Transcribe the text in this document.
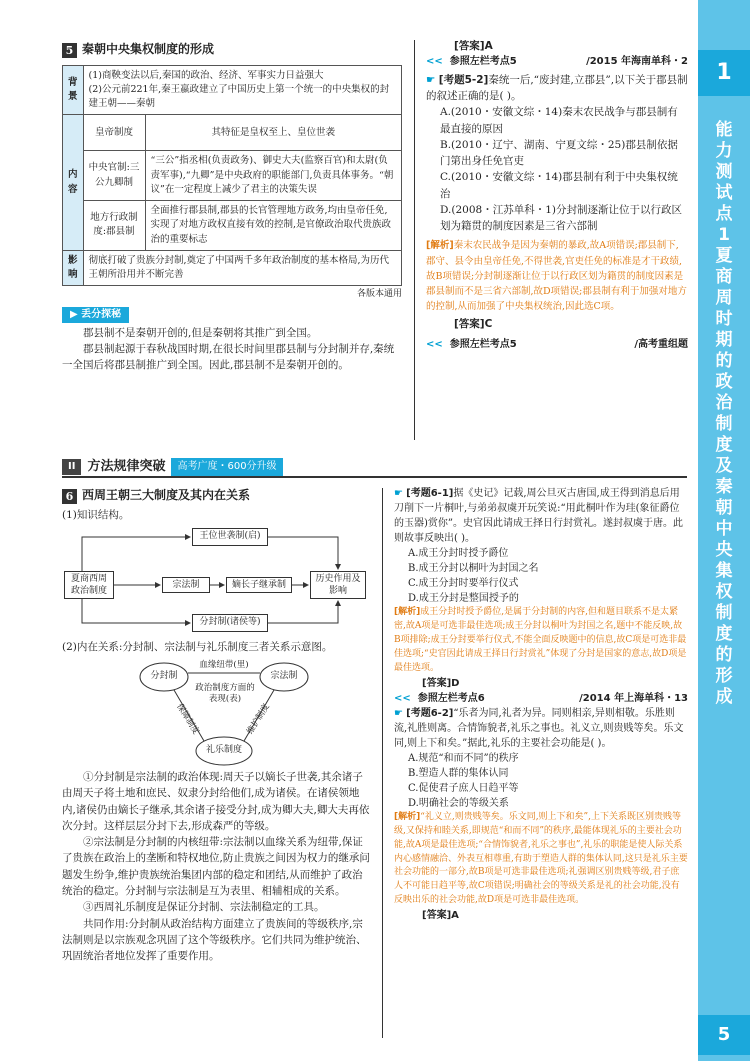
1
能力测试点1 夏商周时期的政治制度及秦朝中央集权制度的形成
5
5 秦朝中央集权制度的形成
背景	(1)商鞅变法以后,秦国的政治、经济、军事实力日益强大
(2)公元前221年,秦王嬴政建立了中国历史上第一个统一的中央集权的封建王朝——秦朝	

内容	皇帝制度	其特征是皇权至上、皇位世袭
	中央官制:三公九卿制	“三公”指丞相(负责政务)、御史大夫(监察百官)和太尉(负责军事),“九卿”是中央政府的职能部门,负责具体事务。“朝议”在一定程度上减少了君主的决策失误
	地方行政制度:郡县制	全面推行郡县制,郡县的长官管理地方政务,均由皇帝任免,实现了对地方政权直接有效的控制,是官僚政治取代贵族政治的重要标志
影响	彻底打破了贵族分封制,奠定了中国两千多年政治制度的基本格局,为历代王朝所沿用并不断完善	
各版本通用
▶ 丢分探秘
郡县制不是秦朝开创的,但是秦朝将其推广到全国。
郡县制起源于春秋战国时期,在很长时间里郡县制与分封制并存,秦统一全国后将郡县制推广到全国。因此,郡县制不是秦朝开创的。
[答案]A
<< 参照左栏考点5	/2015 年海南单科・2
☛ [考题5-2]秦统一后,“废封建,立郡县”,以下关于郡县制的叙述正确的是( )。
A.(2010・安徽文综・14)秦末农民战争与郡县制有最直接的原因
B.(2010・辽宁、湖南、宁夏文综・25)郡县制依据门第出身任免官吏
C.(2010・安徽文综・14)郡县制有利于中央集权统治
D.(2008・江苏单科・1)分封制逐渐让位于以行政区划为籍贯的制度因素是三省六部制
[解析]秦末农民战争是因为秦朝的暴政,故A项错误;郡县制下,郡守、县令由皇帝任免,不得世袭,官吏任免的标准是才干政绩,故B项错误;分封制逐渐让位于以行政区划为籍贯的制度因素是郡县制而不是三省六部制,故D项错误;郡县制有利于加强对地方的控制,从而加强了中央集权统治,因此选C项。
[答案]C
<< 参照左栏考点5	/高考重组题
II 方法规律突破	高考广度・600分升级
6 西周王朝三大制度及其内在关系
(1)知识结构。
王位世袭制(启)
夏商西周政治制度
宗法制	嫡长子继承制
历史作用及影响
分封制(诸侯等)
(2)内在关系:分封制、宗法制与礼乐制度三者关系示意图。
分封制	宗法制
礼乐制度
血缘纽带(里)
政治制度方面的表现(表)
保障制度	维护制度
①分封制是宗法制的政治体现:周天子以嫡长子世袭,其余诸子由周天子将土地和庶民、奴隶分封给他们,成为诸侯。在诸侯领地内,诸侯仍由嫡长子继承,其余诸子接受分封,成为卿大夫,卿大夫再依次分封。这样层层分封下去,形成森严的等级。
②宗法制是分封制的内核纽带:宗法制以血缘关系为纽带,保证了贵族在政治上的垄断和特权地位,防止贵族之间因为权力的继承问题发生纷争,维护贵族统治集团内部的稳定和团结,从而维护了政治统治的稳定。分封制与宗法制是互为表里、相辅相成的关系。
③西周礼乐制度是保证分封制、宗法制稳定的工具。
共同作用:分封制从政治结构方面建立了贵族间的等级秩序,宗法制则是以宗族观念巩固了这个等级秩序。它们共同为维护统治、巩固统治者地位发挥了重要作用。
☛ [考题6-1]据《史记》记载,周公旦灭古唐国,成王得到消息后用刀削下一片桐叶,与弟弟叔虞开玩笑说:“用此桐叶作为珪(象征爵位的玉器)赏你”。史官因此请成王择日行封赏礼。遂封叔虞于唐。此则故事反映出( )。
A.成王分封时授予爵位
B.成王分封以桐叶为封国之名
C.成王分封时要举行仪式
D.成王分封是整国授予的
[解析]成王分封时授予爵位,是属于分封制的内容,但和题目联系不是太紧密,故A项是可选非最佳选项;成王分封以桐叶为封国之名,题中不能反映,故B项排除;成王分封要举行仪式,不能全面反映题中的信息,故C项是可选非最佳选项;“史官因此请成王择日行封赏礼”体现了分封是国家的意志,故D项是最佳选项。
[答案]D
<< 参照左栏考点6	/2014 年上海单科・13
☛ [考题6-2]“乐者为同,礼者为异。同则相亲,异则相敬。乐胜则流,礼胜则离。合情饰貌者,礼乐之事也。礼义立,则贵贱等矣。乐文同,则上下和矣。”据此,礼乐的主要社会功能是( )。
A.规范“和而不同”的秩序
B.塑造人群的集体认同
C.促使君子庶人日趋平等
D.明确社会的等级关系
[解析]“礼义立,则贵贱等矣。乐文同,则上下和矣”,上下关系既区别贵贱等级,又保持和睦关系,即规范“和而不同”的秩序,最能体现礼乐的主要社会功能,故A项是最佳选项;“合情饰貌者,礼乐之事也”,礼乐的职能是使人际关系内心感情融洽、外表互相尊重,有助于塑造人群的集体认同,这只是礼乐主要社会功能的一部分,故B项是可选非最佳选项;礼强调区别贵贱等级,君子庶人不可能日趋平等,故C项错误;明确社会的等级关系是礼的社会功能,没有反映出乐的社会功能,故D项是可选非最佳选项。
[答案]A
